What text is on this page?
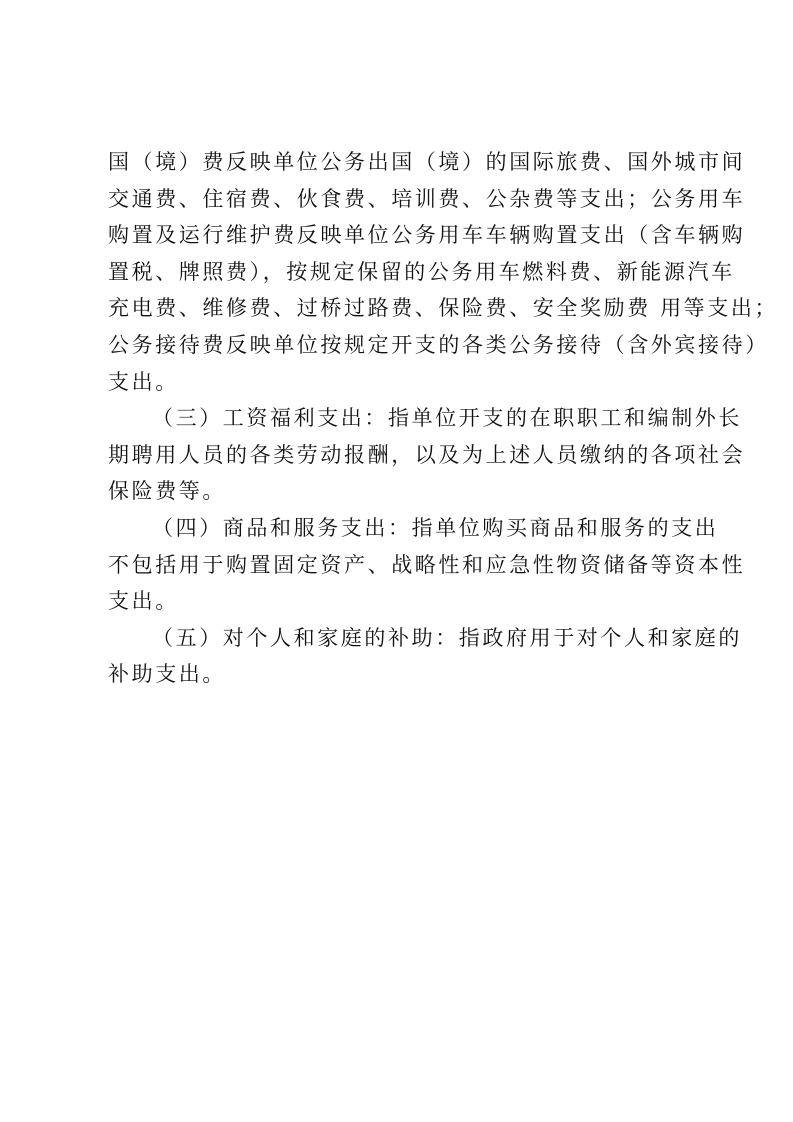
国（境）费反映单位公务出国（境）的国际旅费、国外城市间
交通费、住宿费、伙食费、培训费、公杂费等支出；公务用车
购置及运行维护费反映单位公务用车车辆购置支出（含车辆购
置税、牌照费），按规定保留的公务用车燃料费、新能源汽车
充电费、维修费、过桥过路费、保险费、安全奖励费 用等支出；
公务接待费反映单位按规定开支的各类公务接待（含外宾接待）
支出。
（三）工资福利支出：指单位开支的在职职工和编制外长
期聘用人员的各类劳动报酬，以及为上述人员缴纳的各项社会
保险费等。
（四）商品和服务支出：指单位购买商品和服务的支出
不包括用于购置固定资产、战略性和应急性物资储备等资本性
支出。
（五）对个人和家庭的补助：指政府用于对个人和家庭的
补助支出。
